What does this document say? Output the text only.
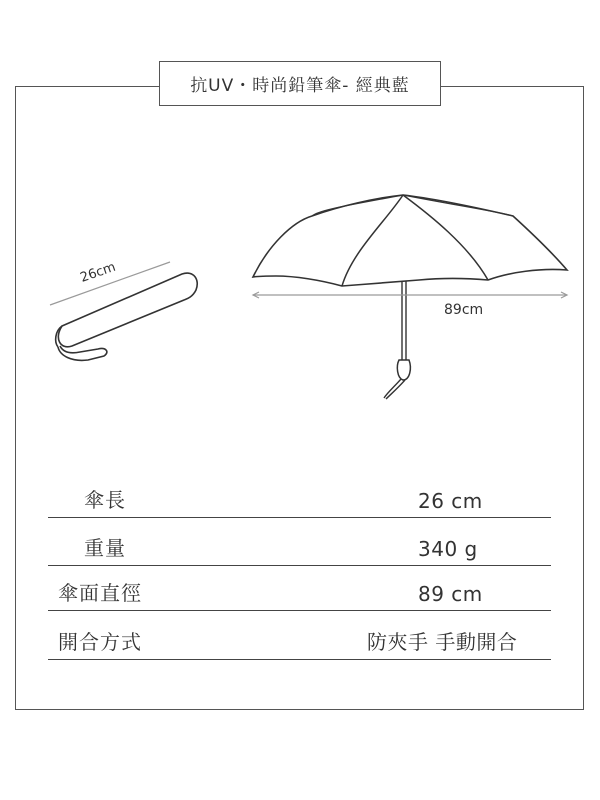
抗UV・時尚鉛筆傘- 經典藍
26cm
89cm
傘長	26 cm
重量	340 g
傘面直徑	89 cm
開合方式	防夾手 手動開合
